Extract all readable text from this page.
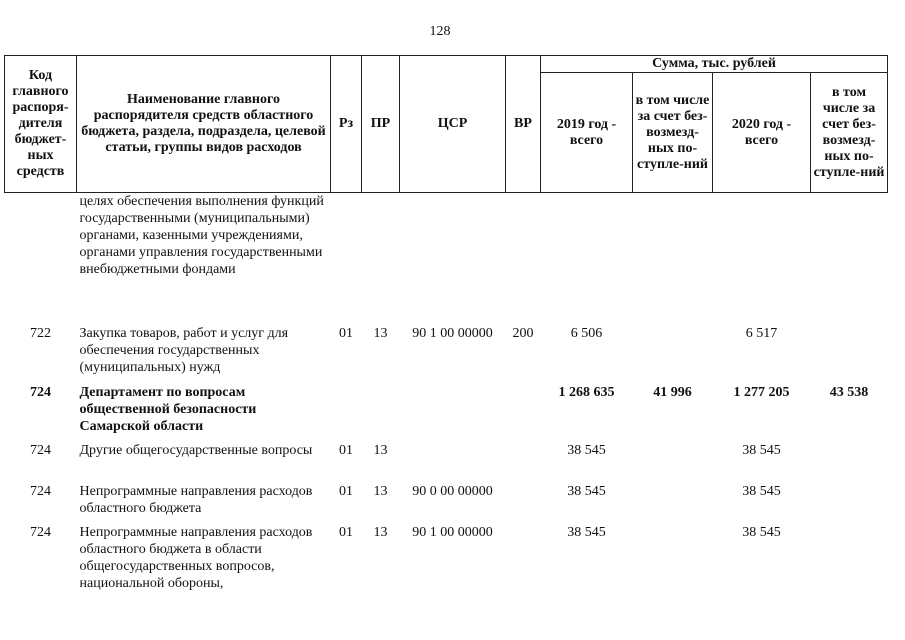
128
Код главного распоря-дителя бюджет-ных средств	Наименование главного распорядителя средств областного бюджета, раздела, подраздела, целевой статьи, группы видов расходов	Рз	ПР	ЦСР	ВР	Сумма, тыс. рублей			
						2019 год - всего	в том числе за счет без-возмезд-ных по-ступле-ний	2020 год - всего	в том числе за счет без-возмезд-ных по-ступле-ний
	целях обеспечения выполнения функций государственными (муниципальными) органами, казенными учреждениями, органами управления государственными внебюджетными фондами								
722	Закупка товаров, работ и услуг для обеспечения государственных (муниципальных) нужд	01	13	90 1 00 00000	200	6 506		6 517	
724	Департамент по вопросам общественной безопасности Самарской области					1 268 635	41 996	1 277 205	43 538
724	Другие общегосударственные вопросы	01	13			38 545		38 545	
724	Непрограммные направления расходов областного бюджета	01	13	90 0 00 00000		38 545		38 545	
724	Непрограммные направления расходов областного бюджета в области общегосударственных вопросов, национальной обороны,	01	13	90 1 00 00000		38 545		38 545	
